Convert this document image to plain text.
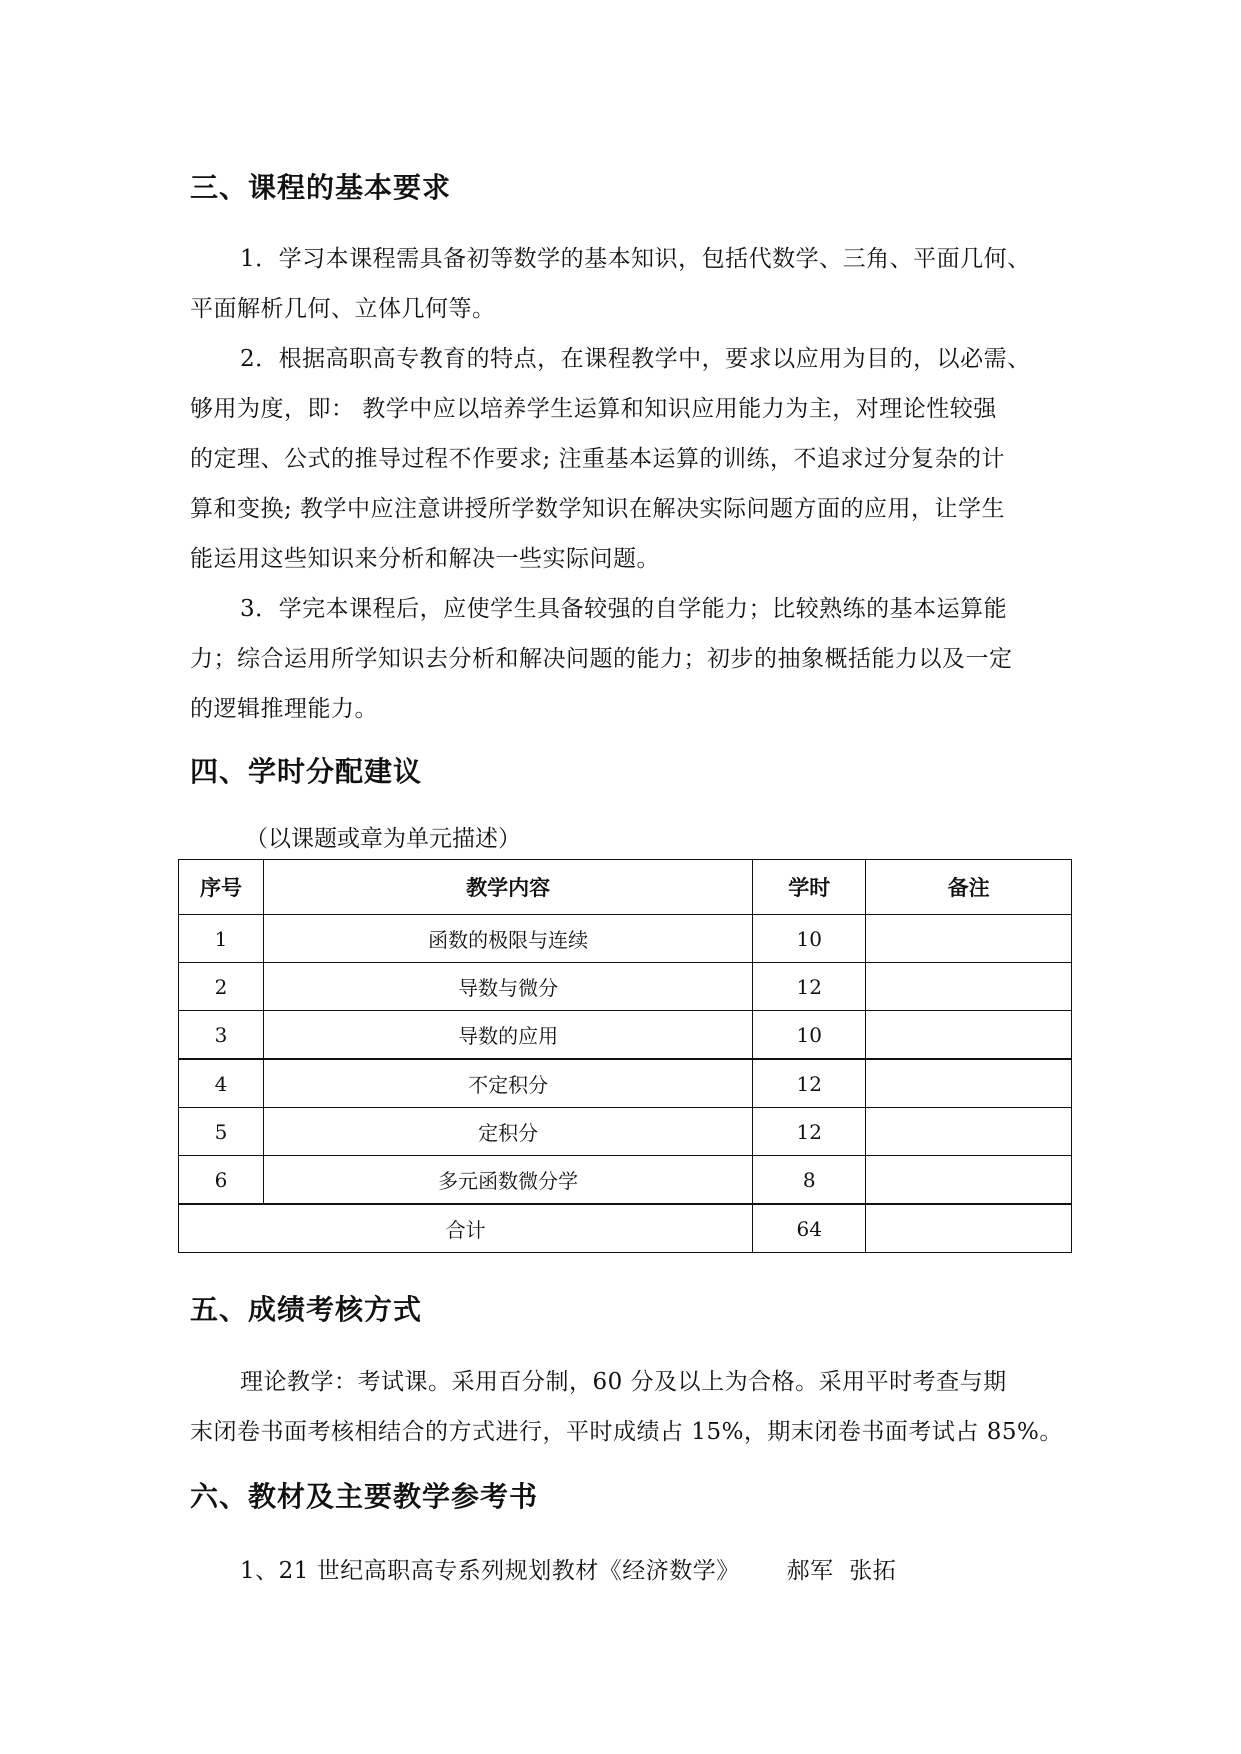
三、课程的基本要求
1．学习本课程需具备初等数学的基本知识，包括代数学、三角、平面几何、
平面解析几何、立体几何等。
2．根据高职高专教育的特点，在课程教学中，要求以应用为目的，以必需、
够用为度，即： 教学中应以培养学生运算和知识应用能力为主，对理论性较强
的定理、公式的推导过程不作要求; 注重基本运算的训练，不追求过分复杂的计
算和变换; 教学中应注意讲授所学数学知识在解决实际问题方面的应用，让学生
能运用这些知识来分析和解决一些实际问题。
3．学完本课程后，应使学生具备较强的自学能力；比较熟练的基本运算能
力；综合运用所学知识去分析和解决问题的能力；初步的抽象概括能力以及一定
的逻辑推理能力。
四、学时分配建议
（以课题或章为单元描述）
序号	教学内容	学时	备注
1	函数的极限与连续	10	
2	导数与微分	12	
3	导数的应用	10	
4	不定积分	12	
5	定积分	12	
6	多元函数微分学	8	
合计		64	
五、成绩考核方式
理论教学：考试课。采用百分制，60 分及以上为合格。采用平时考查与期
末闭卷书面考核相结合的方式进行，平时成绩占 15%，期末闭卷书面考试占 85%。
六、教材及主要教学参考书
1、21 世纪高职高专系列规划教材《经济数学》      郝军  张拓
